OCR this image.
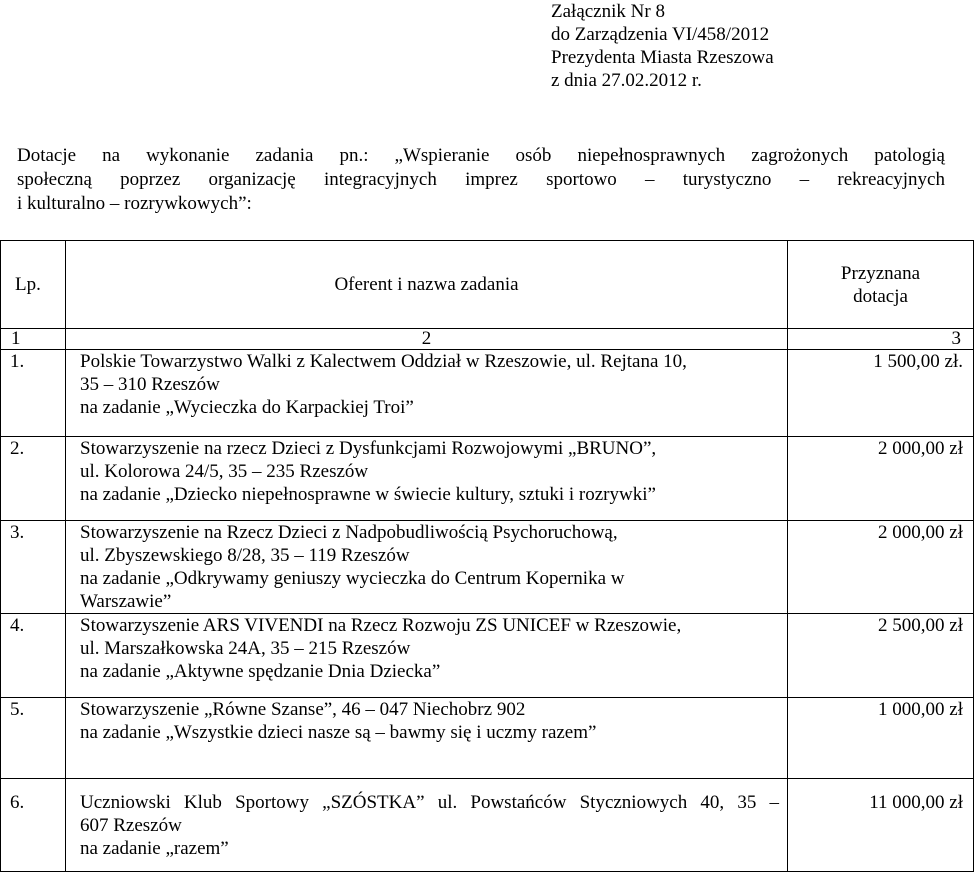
Załącznik Nr 8
do Zarządzenia VI/458/2012
Prezydenta Miasta Rzeszowa
z dnia 27.02.2012 r.
Dotacje na wykonanie zadania pn.: „Wspieranie osób niepełnosprawnych zagrożonych patologią
społeczną poprzez organizację integracyjnych imprez sportowo – turystyczno – rekreacyjnych
i kulturalno – rozrywkowych”:
Lp.	Oferent i nazwa zadania	Przyznana
dotacja

1	2	3
1.	Polskie Towarzystwo Walki z Kalectwem Oddział w Rzeszowie, ul. Rejtana 10,
35 – 310 Rzeszów
na zadanie „Wycieczka do Karpackiej Troi”	1 500,00 zł.
2.	Stowarzyszenie na rzecz Dzieci z Dysfunkcjami Rozwojowymi „BRUNO”,
ul. Kolorowa 24/5, 35 – 235 Rzeszów
na zadanie „Dziecko niepełnosprawne w świecie kultury, sztuki i rozrywki”	2 000,00 zł
3.	Stowarzyszenie na Rzecz Dzieci z Nadpobudliwością Psychoruchową,
ul. Zbyszewskiego 8/28, 35 – 119 Rzeszów
na zadanie „Odkrywamy geniuszy wycieczka do Centrum Kopernika w
Warszawie”	2 000,00 zł
4.	Stowarzyszenie ARS VIVENDI na Rzecz Rozwoju ZS UNICEF w Rzeszowie,
ul. Marszałkowska 24A, 35 – 215 Rzeszów
na zadanie „Aktywne spędzanie Dnia Dziecka”	2 500,00 zł
5.	Stowarzyszenie „Równe Szanse”, 46 – 047 Niechobrz 902
na zadanie „Wszystkie dzieci nasze są – bawmy się i uczmy razem”	1 000,00 zł

6.	Uczniowski Klub Sportowy „SZÓSTKA” ul. Powstańców Styczniowych 40, 35 –
607 Rzeszów
na zadanie „razem”	11 000,00 zł
